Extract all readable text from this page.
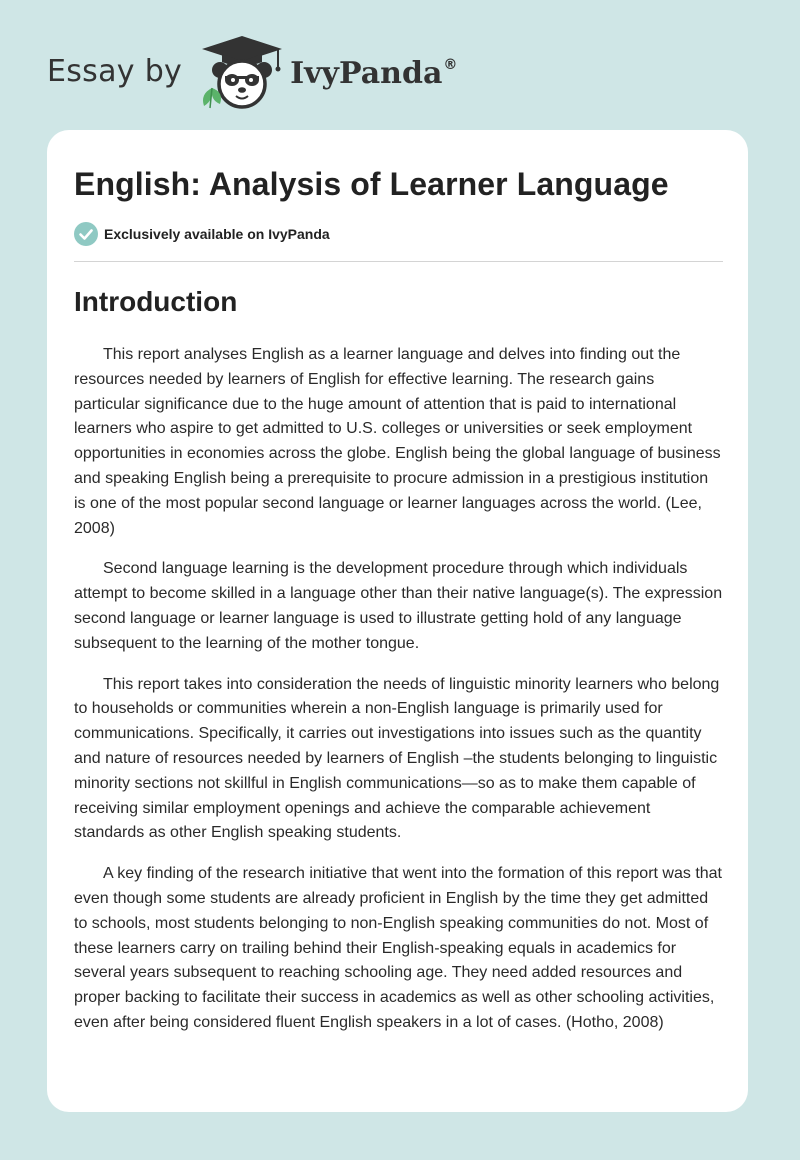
Essay by	IvyPanda®
English: Analysis of Learner Language
Exclusively available on IvyPanda
Introduction

This report analyses English as a learner language and delves into finding out the resources needed by learners of English for effective learning. The research gains particular significance due to the huge amount of attention that is paid to international learners who aspire to get admitted to U.S. colleges or universities or seek employment opportunities in economies across the globe. English being the global language of business and speaking English being a prerequisite to procure admission in a prestigious institution is one of the most popular second language or learner languages across the world. (Lee, 2008)

Second language learning is the development procedure through which individuals attempt to become skilled in a language other than their native language(s). The expression second language or learner language is used to illustrate getting hold of any language subsequent to the learning of the mother tongue.

This report takes into consideration the needs of linguistic minority learners who belong to households or communities wherein a non-English language is primarily used for communications. Specifically, it carries out investigations into issues such as the quantity and nature of resources needed by learners of English –the students belonging to linguistic minority sections not skillful in English communications—so as to make them capable of receiving similar employment openings and achieve the comparable achievement standards as other English speaking students.

A key finding of the research initiative that went into the formation of this report was that even though some students are already proficient in English by the time they get admitted to schools, most students belonging to non-English speaking communities do not. Most of these learners carry on trailing behind their English-speaking equals in academics for several years subsequent to reaching schooling age. They need added resources and proper backing to facilitate their success in academics as well as other schooling activities, even after being considered fluent English speakers in a lot of cases. (Hotho, 2008)
